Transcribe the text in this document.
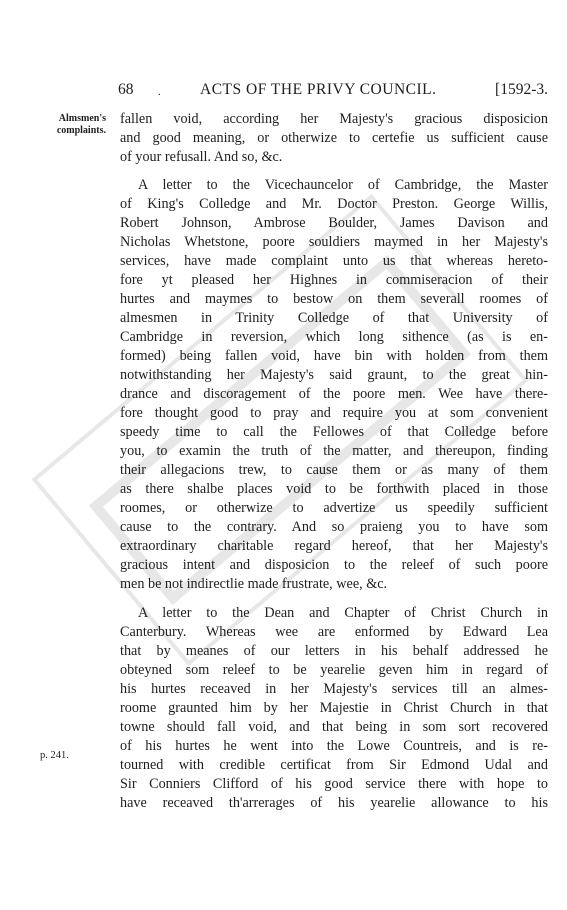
68 .	ACTS OF THE PRIVY COUNCIL.	[1592-3.
Almsmen's
complaints.
p. 241.
fallen void, according her Majesty's gracious disposicion
and good meaning, or otherwize to certefie us sufficient cause
of your refusall. And so, &c.
A letter to the Vicechauncelor of Cambridge, the Master
of King's Colledge and Mr. Doctor Preston. George Willis,
Robert Johnson, Ambrose Boulder, James Davison and
Nicholas Whetstone, poore souldiers maymed in her Majesty's
services, have made complaint unto us that whereas hereto-
fore yt pleased her Highnes in commiseracion of their
hurtes and maymes to bestow on them severall roomes of
almesmen in Trinity Colledge of that University of
Cambridge in reversion, which long sithence (as is en-
formed) being fallen void, have bin with holden from them
notwithstanding her Majesty's said graunt, to the great hin-
drance and discoragement of the poore men. Wee have there-
fore thought good to pray and require you at som convenient
speedy time to call the Fellowes of that Colledge before
you, to examin the truth of the matter, and thereupon, finding
their allegacions trew, to cause them or as many of them
as there shalbe places void to be forthwith placed in those
roomes, or otherwize to advertize us speedily sufficient
cause to the contrary. And so praieng you to have som
extraordinary charitable regard hereof, that her Majesty's
gracious intent and disposicion to the releef of such poore
men be not indirectlie made frustrate, wee, &c.
A letter to the Dean and Chapter of Christ Church in
Canterbury. Whereas wee are enformed by Edward Lea
that by meanes of our letters in his behalf addressed he
obteyned som releef to be yearelie geven him in regard of
his hurtes receaved in her Majesty's services till an almes-
roome graunted him by her Majestie in Christ Church in that
towne should fall void, and that being in som sort recovered
of his hurtes he went into the Lowe Countreis, and is re-
tourned with credible certificat from Sir Edmond Udal and
Sir Conniers Clifford of his good service there with hope to
have receaved th'arrerages of his yearelie allowance to his
